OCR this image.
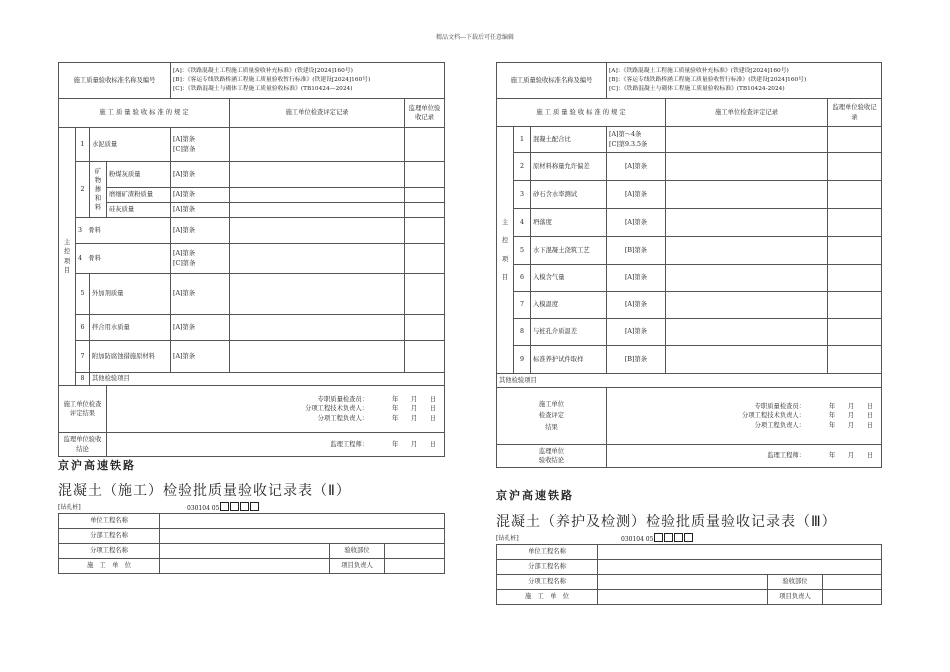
精品文档---下载后可任意编辑
施工质量验收标准名称及编号	
[A]：《铁路混凝土工程施工质量验收补充标准》(铁建设[2024]160号)
[B]：《客运专线铁路桥涵工程施工质量验收暂行标准》(铁建设[2024]160号)
[C]：《铁路混凝土与砌体工程施工质量验收标准》(TB10424—2024)

施 工 质 量 验 收 标 准 的 规 定	施工单位检查评定记录	监理单位验收记录
主
控
项
目	1	水泥质量	[A]第条
[C]第条		
2	矿
物
掺
和
料	粉煤灰质量	[A]第条		
磨细矿渣粉质量	[A]第条		
硅灰质量	[A]第条		
3　 骨料	[A]第条		
4　 骨料	[A]第条
[C]第条		
5	外加剂质量	[A]第条		
6	拌合用水质量	[A]第条		
7	附加防腐蚀措施原材料	[A]第条		
8	其他检验项目
施工单位检查评定结果	
专职质量检查员：	年　　月　　日
分项工程技术负责人：	年　　月　　日
分项工程负责人：	年　　月　　日

监理单位验收结论	
监理工程师：	年　　月　　日
京沪高速铁路
混凝土（施工）检验批质量验收记录表（Ⅱ）
[钻孔桩]	030104 05
单位工程名称			
分部工程名称			
分项工程名称		验收部位	
施　工　单　位		项目负责人	
施工质量验收标准名称及编号	
[A]：《铁路混凝土工程施工质量验收补充标准》(铁建设[2024]160号)
[B]：《客运专线铁路桥涵工程施工质量验收暂行标准》(铁建设[2024]160号)
[C]：《铁路混凝土与砌体工程施工质量验收标准》(TB10424-2024)

施 工 质 量 验 收 标 准 的 规 定	施工单位检查评定记录	监理单位验收记录
主

控

项

目	1	混凝土配合比	[A]第～4条
[C]第9.3.5条		
2	原材料称量允许偏差	[A]第条		
3	砂石含水率测试	[A]第条		
4	坍落度	[A]第条		
5	水下混凝土浇筑工艺	[B]第条		
6	入模含气量	[A]第条		
7	入模温度	[A]第条		
8	与桩孔介质温差	[A]第条		
9	标准养护试件取样	[B]第条		
其他检验项目
施工单位
检查评定
结果	
专职质量检查员：	年　　月　　日
分项工程技术负责人：	年　　月　　日
分项工程负责人：	年　　月　　日

监理单位
验收结论	
监理工程师：	年　　月　　日
京沪高速铁路
混凝土（养护及检测）检验批质量验收记录表（Ⅲ）
[钻孔桩]	030104 05
单位工程名称			
分部工程名称			
分项工程名称		验收部位	
施　工　单　位		项目负责人	
